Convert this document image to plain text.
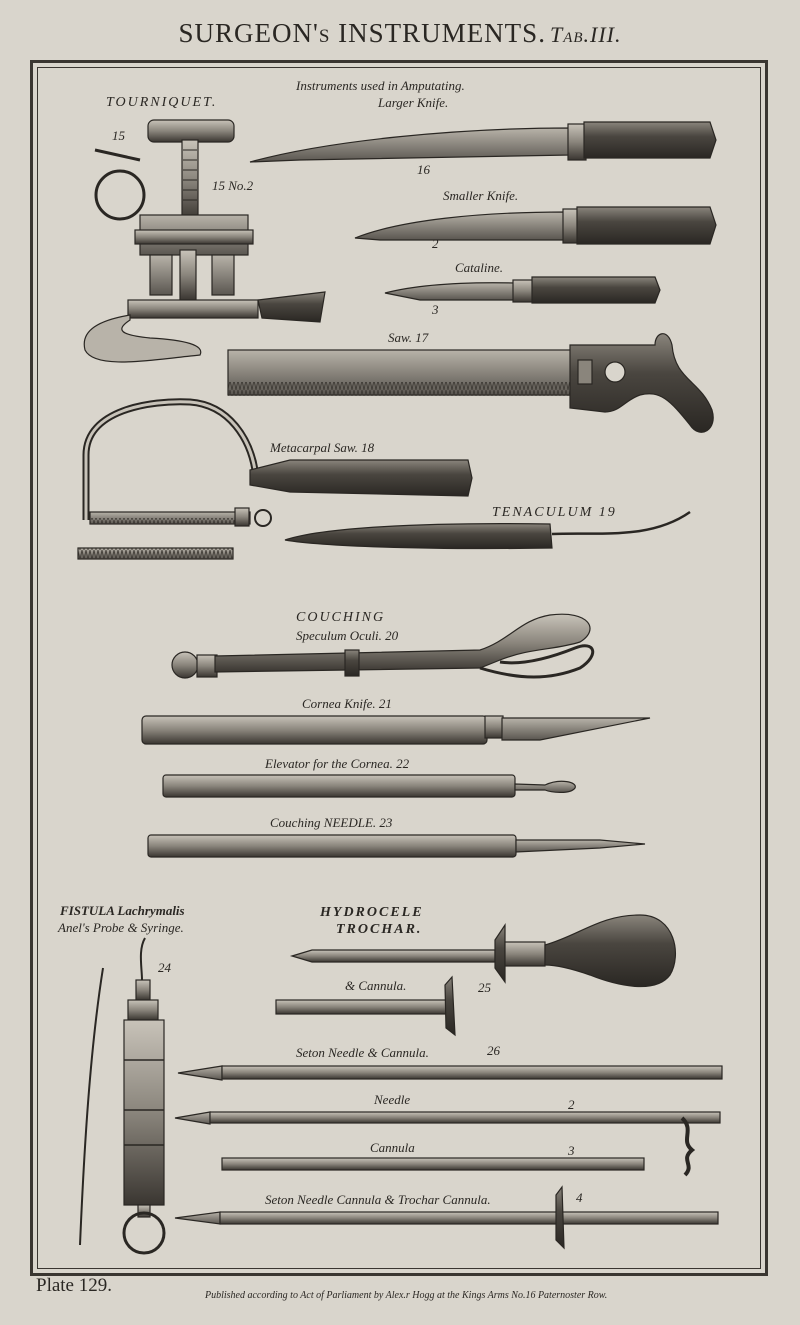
SURGEON's INSTRUMENTS. Tab.III.
Instruments used in Amputating.
Larger Knife.
TOURNIQUET.
15
15 No.2
16
Smaller Knife.
2
Cataline.
3
Saw. 17
Metacarpal Saw. 18
TENACULUM 19
COUCHING
Speculum Oculi. 20
Cornea Knife. 21
Elevator for the Cornea. 22
Couching NEEDLE. 23
FISTULA Lachrymalis
Anel's Probe & Syringe.
24
HYDROCELE
TROCHAR.
& Cannula.	25
Seton Needle & Cannula.	26
Needle	2
Cannula	3
Seton Needle Cannula & Trochar Cannula.	4
Plate 129.	Published according to Act of Parliament by Alex.r Hogg at the Kings Arms No.16 Paternoster Row.
